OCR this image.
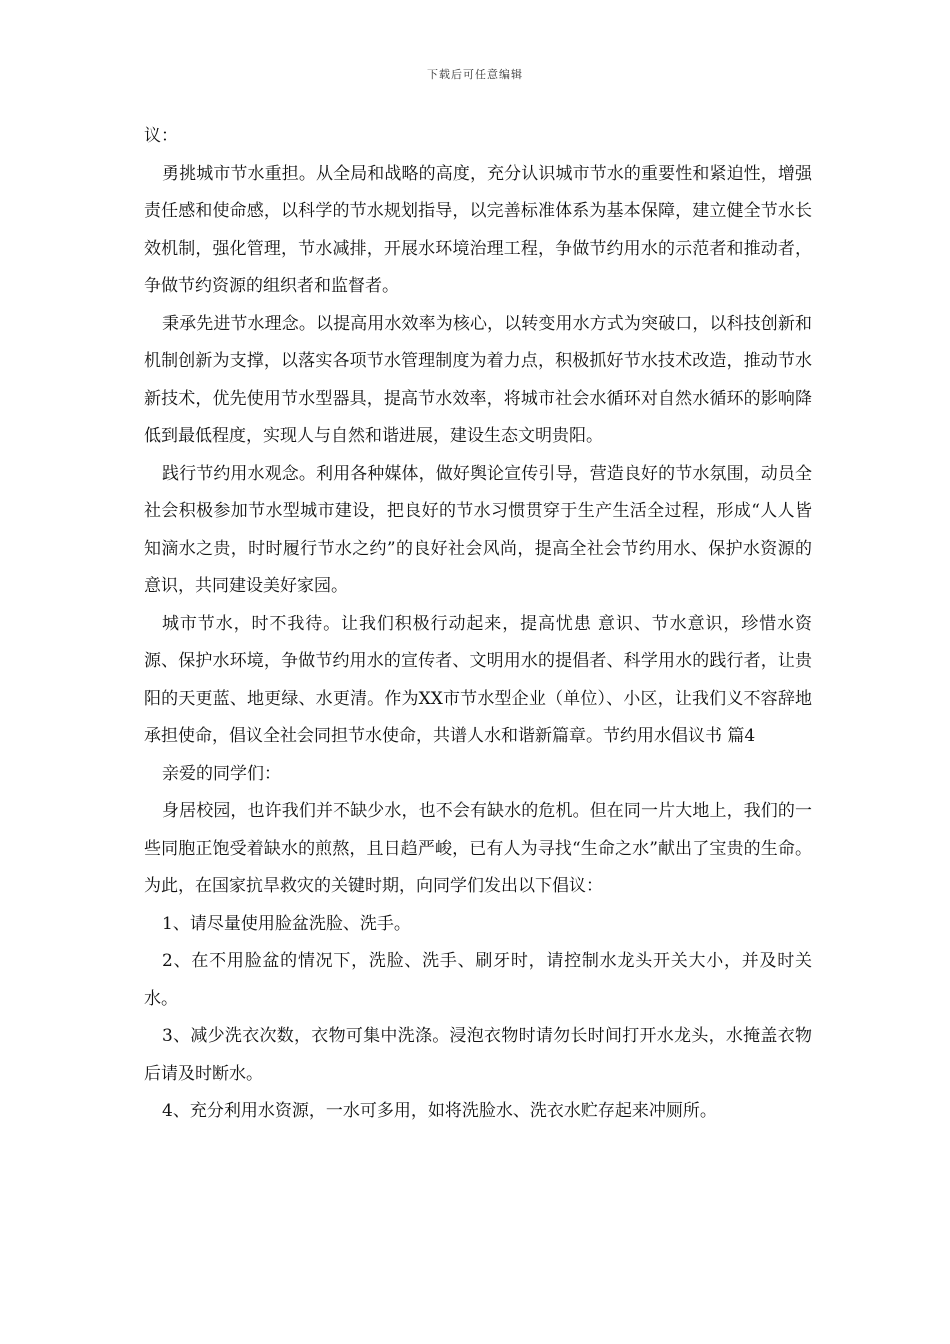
下载后可任意编辑

议：

勇挑城市节水重担。从全局和战略的高度，充分认识城市节水的重要性和紧迫性，增强责任感和使命感，以科学的节水规划指导，以完善标准体系为基本保障，建立健全节水长效机制，强化管理，节水减排，开展水环境治理工程，争做节约用水的示范者和推动者，争做节约资源的组织者和监督者。

秉承先进节水理念。以提高用水效率为核心，以转变用水方式为突破口，以科技创新和机制创新为支撑，以落实各项节水管理制度为着力点，积极抓好节水技术改造，推动节水新技术，优先使用节水型器具，提高节水效率，将城市社会水循环对自然水循环的影响降低到最低程度，实现人与自然和谐进展，建设生态文明贵阳。

践行节约用水观念。利用各种媒体，做好舆论宣传引导，营造良好的节水氛围，动员全社会积极参加节水型城市建设，把良好的节水习惯贯穿于生产生活全过程，形成“人人皆知滴水之贵，时时履行节水之约”的良好社会风尚，提高全社会节约用水、保护水资源的意识，共同建设美好家园。

城市节水，时不我待。让我们积极行动起来，提高忧患 意识、节水意识，珍惜水资源、保护水环境，争做节约用水的宣传者、文明用水的提倡者、科学用水的践行者，让贵阳的天更蓝、地更绿、水更清。作为XX市节水型企业（单位）、小区，让我们义不容辞地承担使命，倡议全社会同担节水使命，共谱人水和谐新篇章。节约用水倡议书 篇4

亲爱的同学们：

身居校园，也许我们并不缺少水，也不会有缺水的危机。但在同一片大地上，我们的一些同胞正饱受着缺水的煎熬，且日趋严峻，已有人为寻找“生命之水”献出了宝贵的生命。为此，在国家抗旱救灾的关键时期，向同学们发出以下倡议：

1、请尽量使用脸盆洗脸、洗手。

2、在不用脸盆的情况下，洗脸、洗手、刷牙时，请控制水龙头开关大小，并及时关水。

3、减少洗衣次数，衣物可集中洗涤。浸泡衣物时请勿长时间打开水龙头，水掩盖衣物后请及时断水。

4、充分利用水资源，一水可多用，如将洗脸水、洗衣水贮存起来冲厕所。
